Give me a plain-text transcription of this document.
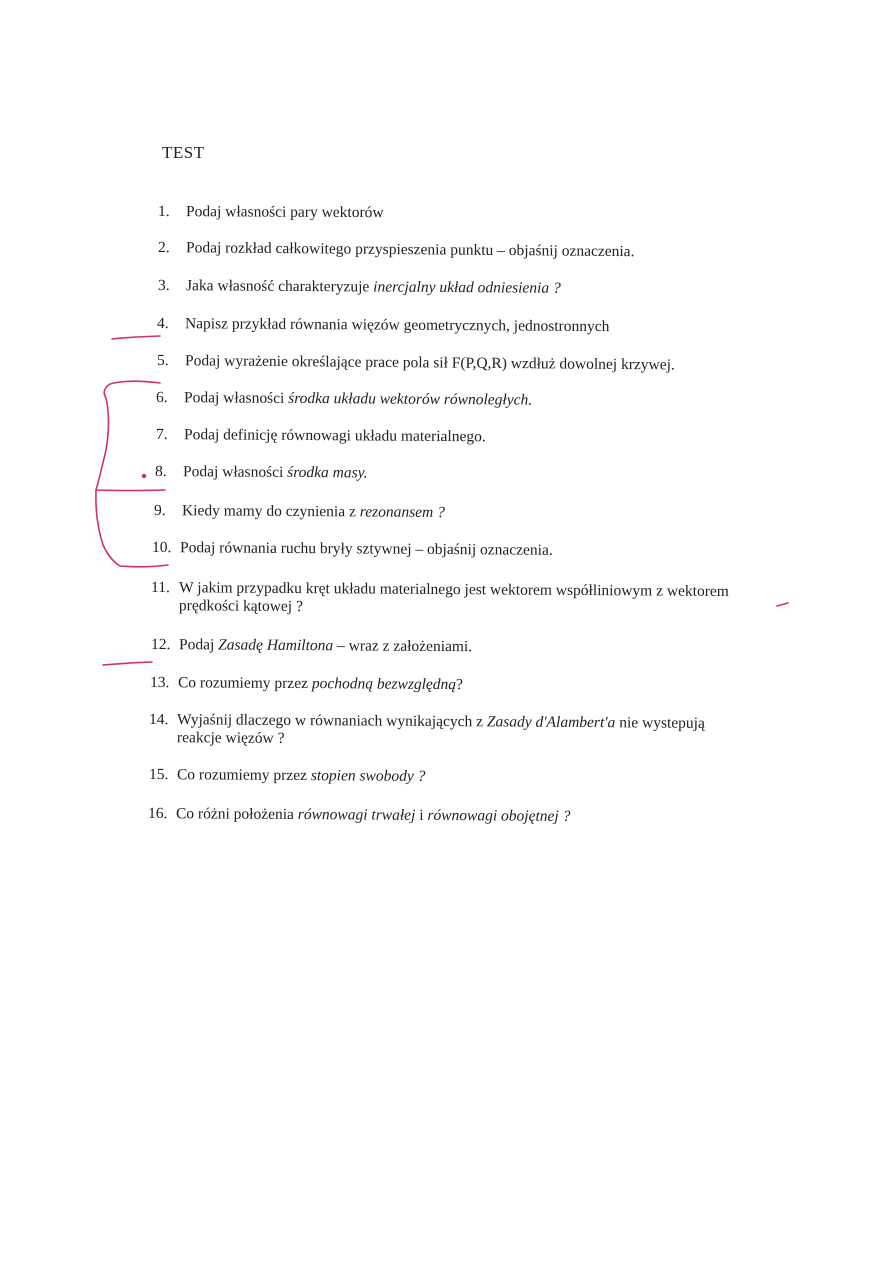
TEST
1. Podaj własności pary wektorów
2. Podaj rozkład całkowitego przyspieszenia punktu – objaśnij oznaczenia.
3. Jaka własność charakteryzuje inercjalny układ odniesienia ?
4. Napisz przykład równania więzów geometrycznych, jednostronnych
5. Podaj wyrażenie określające prace pola sił F(P,Q,R) wzdłuż dowolnej krzywej.
6. Podaj własności środka układu wektorów równoległych.
7. Podaj definicję równowagi układu materialnego.
8. Podaj własności środka masy.
9. Kiedy mamy do czynienia z rezonansem ?
10. Podaj równania ruchu bryły sztywnej – objaśnij oznaczenia.
11. W jakim przypadku kręt układu materialnego jest wektorem współliniowym z wektorem
prędkości kątowej ?
12. Podaj Zasadę Hamiltona – wraz z założeniami.
13. Co rozumiemy przez pochodną bezwzględną?
14. Wyjaśnij dlaczego w równaniach wynikających z Zasady d'Alambert'a nie wystepują
reakcje więzów ?
15. Co rozumiemy przez stopien swobody ?
16. Co różni położenia równowagi trwałej i równowagi obojętnej ?
